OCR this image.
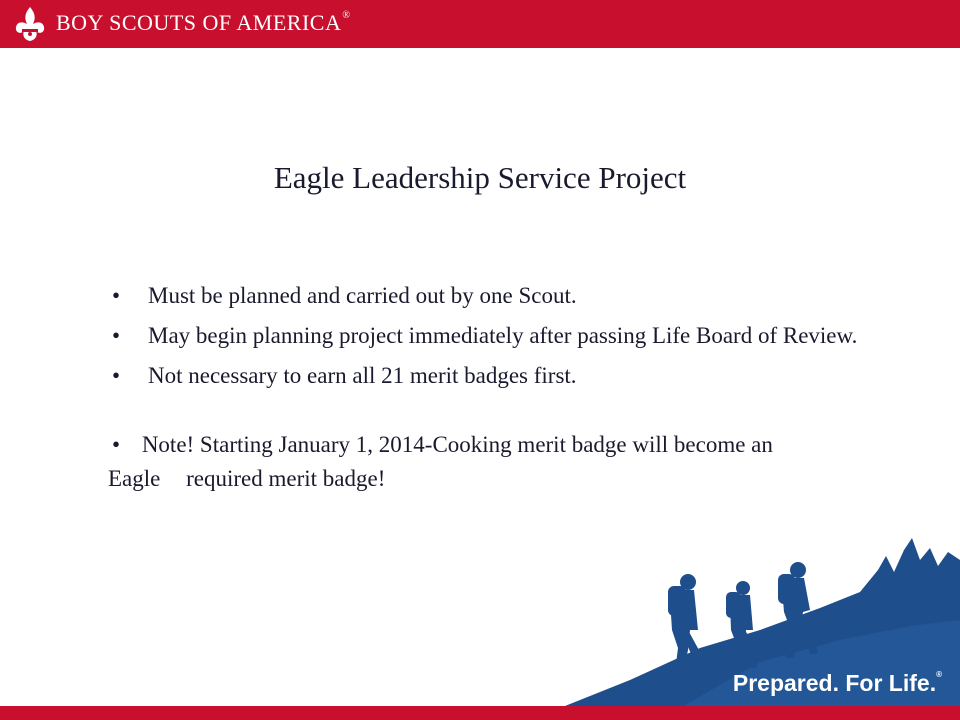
BOY SCOUTS OF AMERICA®
Eagle Leadership Service Project
• Must be planned and carried out by one Scout.
• May begin planning project immediately after passing Life Board of Review.
• Not necessary to earn all 21 merit badges first.
• Note! Starting January 1, 2014-Cooking merit badge will become an
Eagle required merit badge!
Prepared. For Life.®
